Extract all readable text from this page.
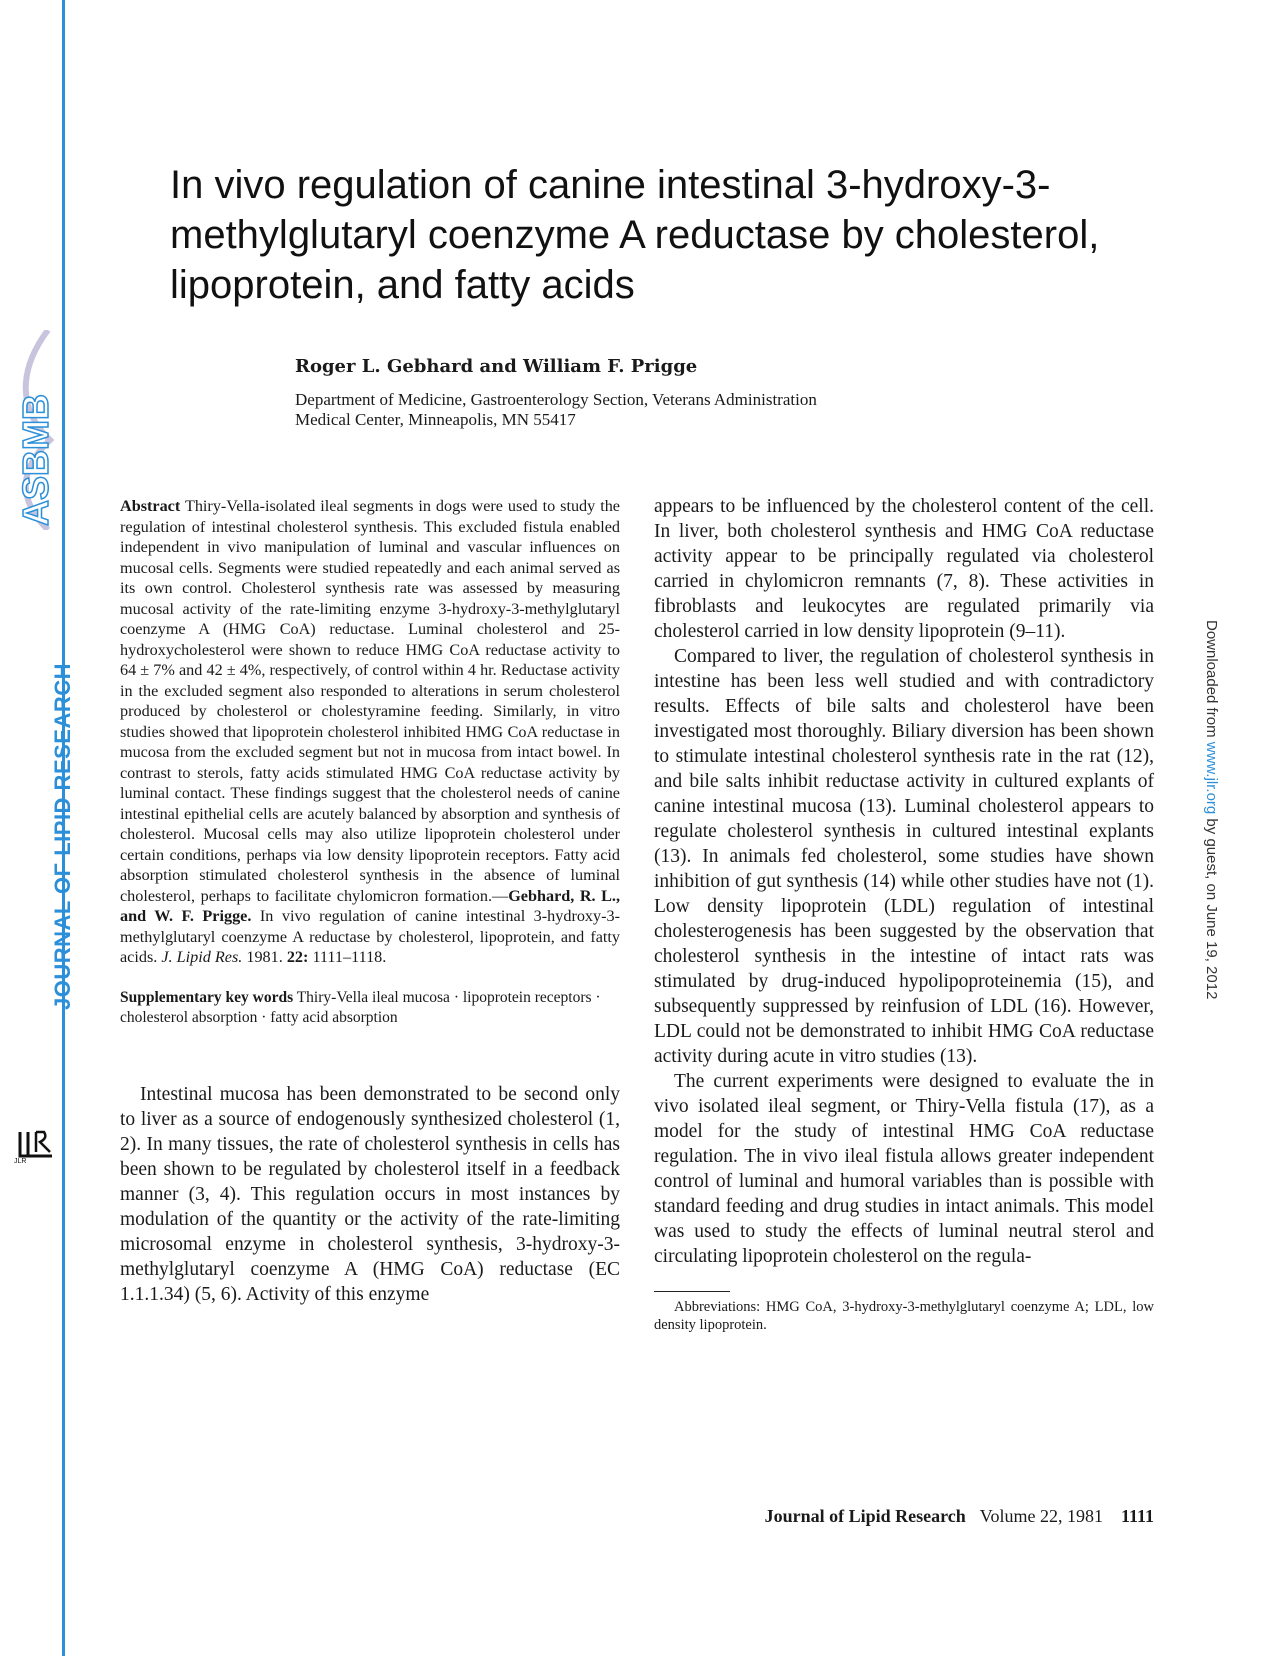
ASBMB
JOURNAL OF LIPID RESEARCH
JLR
Downloaded from www.jlr.org by guest, on June 19, 2012
In vivo regulation of canine intestinal 3-hydroxy-3-methylglutaryl coenzyme A reductase by cholesterol, lipoprotein, and fatty acids
Roger L. Gebhard and William F. Prigge
Department of Medicine, Gastroenterology Section, Veterans Administration
Medical Center, Minneapolis, MN 55417

Abstract Thiry-Vella-isolated ileal segments in dogs were used to study the regulation of intestinal cholesterol synthesis. This excluded fistula enabled independent in vivo manipulation of luminal and vascular influences on mucosal cells. Segments were studied repeatedly and each animal served as its own control. Cholesterol synthesis rate was assessed by measuring mucosal activity of the rate-limiting enzyme 3-hydroxy-3-methylglutaryl coenzyme A (HMG CoA) reductase. Luminal cholesterol and 25-hydroxycholesterol were shown to reduce HMG CoA reductase activity to 64 ± 7% and 42 ± 4%, respectively, of control within 4 hr. Reductase activity in the excluded segment also responded to alterations in serum cholesterol produced by cholesterol or cholestyramine feeding. Similarly, in vitro studies showed that lipoprotein cholesterol inhibited HMG CoA reductase in mucosa from the excluded segment but not in mucosa from intact bowel. In contrast to sterols, fatty acids stimulated HMG CoA reductase activity by luminal contact. These findings suggest that the cholesterol needs of canine intestinal epithelial cells are acutely balanced by absorption and synthesis of cholesterol. Mucosal cells may also utilize lipoprotein cholesterol under certain conditions, perhaps via low density lipoprotein receptors. Fatty acid absorption stimulated cholesterol synthesis in the absence of luminal cholesterol, perhaps to facilitate chylomicron formation.—Gebhard, R. L., and W. F. Prigge. In vivo regulation of canine intestinal 3-hydroxy-3-methylglutaryl coenzyme A reductase by cholesterol, lipoprotein, and fatty acids. J. Lipid Res. 1981. 22: 1111–1118.

Supplementary key words Thiry-Vella ileal mucosa · lipoprotein receptors · cholesterol absorption · fatty acid absorption

Intestinal mucosa has been demonstrated to be second only to liver as a source of endogenously synthesized cholesterol (1, 2). In many tissues, the rate of cholesterol synthesis in cells has been shown to be regulated by cholesterol itself in a feedback manner (3, 4). This regulation occurs in most instances by modulation of the quantity or the activity of the rate-limiting microsomal enzyme in cholesterol synthesis, 3-hydroxy-3-methylglutaryl coenzyme A (HMG CoA) reductase (EC 1.1.1.34) (5, 6). Activity of this enzyme

appears to be influenced by the cholesterol content of the cell. In liver, both cholesterol synthesis and HMG CoA reductase activity appear to be principally regulated via cholesterol carried in chylomicron remnants (7, 8). These activities in fibroblasts and leukocytes are regulated primarily via cholesterol carried in low density lipoprotein (9–11).

Compared to liver, the regulation of cholesterol synthesis in intestine has been less well studied and with contradictory results. Effects of bile salts and cholesterol have been investigated most thoroughly. Biliary diversion has been shown to stimulate intestinal cholesterol synthesis rate in the rat (12), and bile salts inhibit reductase activity in cultured explants of canine intestinal mucosa (13). Luminal cholesterol appears to regulate cholesterol synthesis in cultured intestinal explants (13). In animals fed cholesterol, some studies have shown inhibition of gut synthesis (14) while other studies have not (1). Low density lipoprotein (LDL) regulation of intestinal cholesterogenesis has been suggested by the observation that cholesterol synthesis in the intestine of intact rats was stimulated by drug-induced hypolipoproteinemia (15), and subsequently suppressed by reinfusion of LDL (16). However, LDL could not be demonstrated to inhibit HMG CoA reductase activity during acute in vitro studies (13).

The current experiments were designed to evaluate the in vivo isolated ileal segment, or Thiry-Vella fistula (17), as a model for the study of intestinal HMG CoA reductase regulation. The in vivo ileal fistula allows greater independent control of luminal and humoral variables than is possible with standard feeding and drug studies in intact animals. This model was used to study the effects of luminal neutral sterol and circulating lipoprotein cholesterol on the regula-

Abbreviations: HMG CoA, 3-hydroxy-3-methylglutaryl coenzyme A; LDL, low density lipoprotein.

Journal of Lipid Research Volume 22, 1981 1111
